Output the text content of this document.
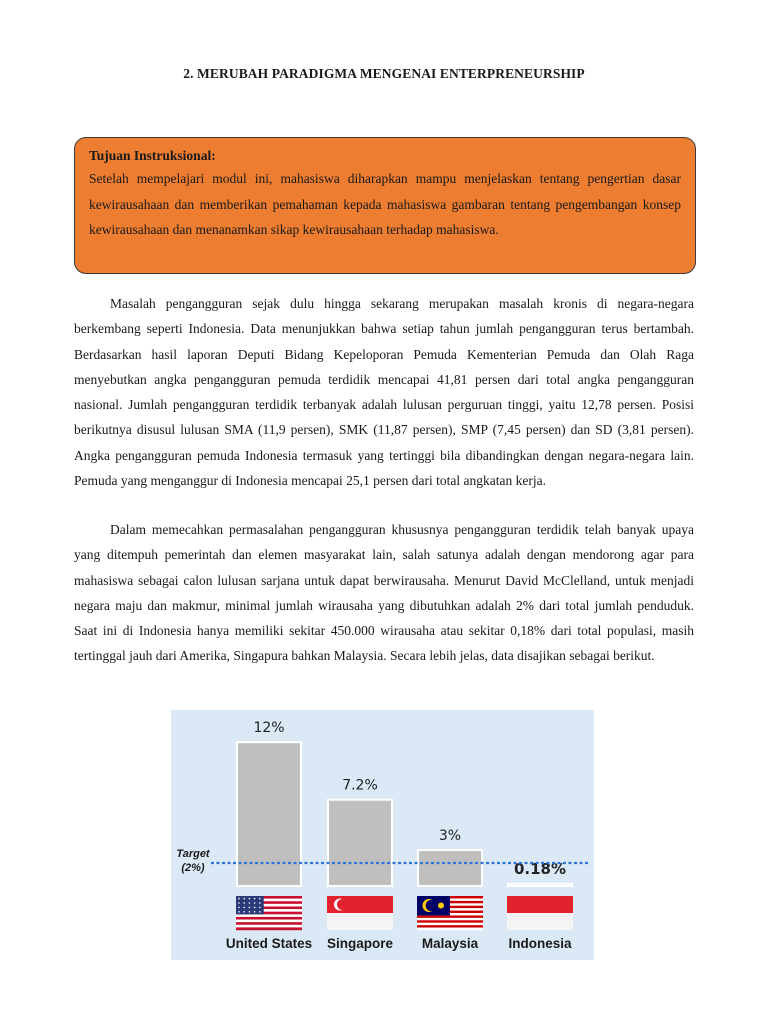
2. MERUBAH PARADIGMA MENGENAI ENTERPRENEURSHIP
Tujuan Instruksional:
Setelah mempelajari modul ini, mahasiswa diharapkan mampu menjelaskan tentang pengertian dasar kewirausahaan dan memberikan pemahaman kepada mahasiswa gambaran tentang pengembangan konsep kewirausahaan dan menanamkan sikap kewirausahaan terhadap mahasiswa.

Masalah pengangguran sejak dulu hingga sekarang merupakan masalah kronis di negara-negara berkembang seperti Indonesia. Data menunjukkan bahwa setiap tahun jumlah pengangguran terus bertambah. Berdasarkan hasil laporan Deputi Bidang Kepeloporan Pemuda Kementerian Pemuda dan Olah Raga menyebutkan angka pengangguran pemuda terdidik mencapai 41,81 persen dari total angka pengangguran nasional. Jumlah pengangguran terdidik terbanyak adalah lulusan perguruan tinggi, yaitu 12,78 persen. Posisi berikutnya disusul lulusan SMA (11,9 persen), SMK (11,87 persen), SMP (7,45 persen) dan SD (3,81 persen). Angka pengangguran pemuda Indonesia termasuk yang tertinggi bila dibandingkan dengan negara-negara lain. Pemuda yang menganggur di Indonesia mencapai 25,1 persen dari total angkatan kerja.

Dalam memecahkan permasalahan pengangguran khususnya pengangguran terdidik telah banyak upaya yang ditempuh pemerintah dan elemen masyarakat lain, salah satunya adalah dengan mendorong agar para mahasiswa sebagai calon lulusan sarjana untuk dapat berwirausaha. Menurut David McClelland, untuk menjadi negara maju dan makmur, minimal jumlah wirausaha yang dibutuhkan adalah 2% dari total jumlah penduduk. Saat ini di Indonesia hanya memiliki sekitar 450.000 wirausaha atau sekitar 0,18% dari total populasi, masih tertinggal jauh dari Amerika, Singapura bahkan Malaysia. Secara lebih jelas, data disajikan sebagai berikut.

12%
7.2%
3%
0.18%
Target
(2%)
United States Singapore Malaysia Indonesia
